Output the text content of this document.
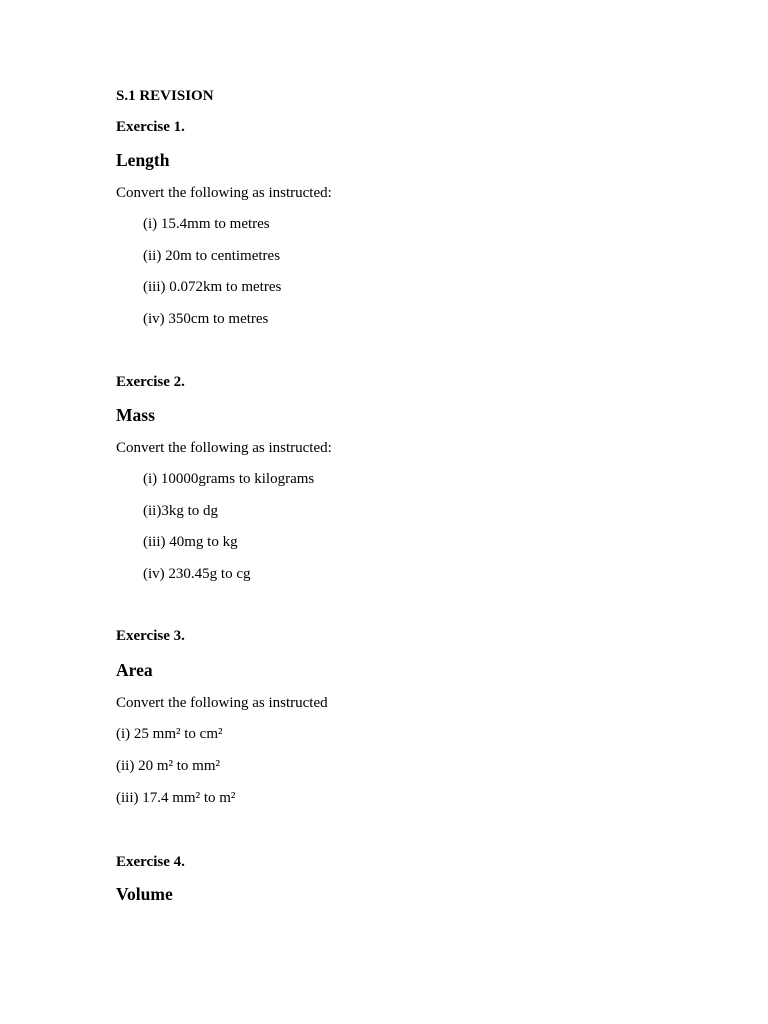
S.1 REVISION
Exercise 1.
Length
Convert the following as instructed:
(i) 15.4mm to metres
(ii) 20m to centimetres
(iii) 0.072km to metres
(iv) 350cm to metres
Exercise 2.
Mass
Convert the following as instructed:
(i) 10000grams to kilograms
(ii)3kg to dg
(iii) 40mg to kg
(iv) 230.45g to cg
Exercise 3.
Area
Convert the following as instructed
(i) 25 mm² to cm²
(ii) 20 m² to mm²
(iii) 17.4 mm² to m²
Exercise 4.
Volume
